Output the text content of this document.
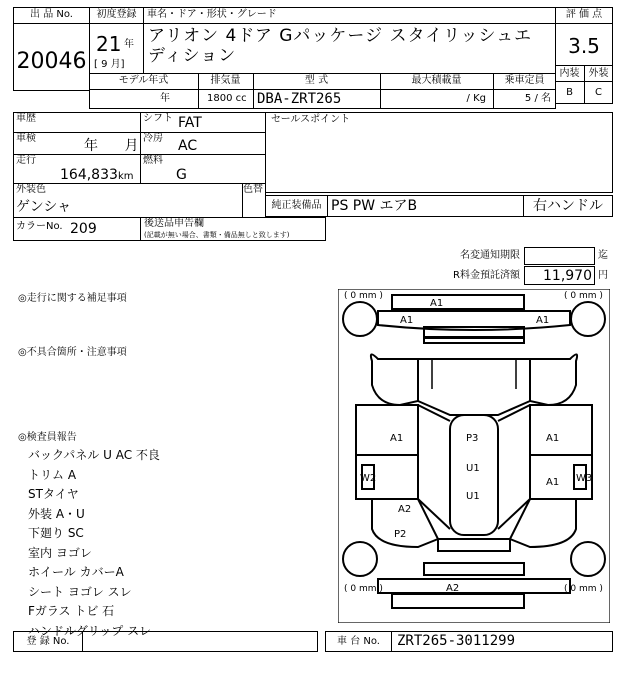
出 品 No.
20046
初度登録
21 年
[ 9 月]
車名・ドア・形状・グレード
アリオン 4ドア Gパッケージ スタイリッシュエディション
評 価 点
3.5
内装 外装
B	C
モデル年式	排気量	型 式	最大積載量	乗車定員
年	1800 cc DBA-ZRT265	/ Kg	5 / 名
車歴	シフト FAT
車検	年 月 冷房 AC
走行
164,833 km
燃料
G
セールスポイント
外装色
ゲンシャ
色替
純正装備品 PS PW エアB	右ハンドル
カラーNo. 209	後送品申告欄
(記載が無い場合、書類・備品無しと致します)
名変通知期限	迄
R料金預託済額	11,970 円
◎走行に関する補足事項
◎不具合箇所・注意事項
◎検査員報告
バックパネル U AC 不良
トリム A
STタイヤ
外装 A・U
下廻り SC
室内 ヨゴレ
ホイール カバーA
シート ヨゴレ スレ
Fガラス トビ 石
ハンドルグリップ スレ
( 0 mm )	( 0 mm )
( 0 mm )	( 0 mm )
A1
A1	A1
A1	P3
U1
U1
A1
A1
W2	W3
A2
P2
A2
登 録 No.	車 台 No.	ZRT265-3011299
